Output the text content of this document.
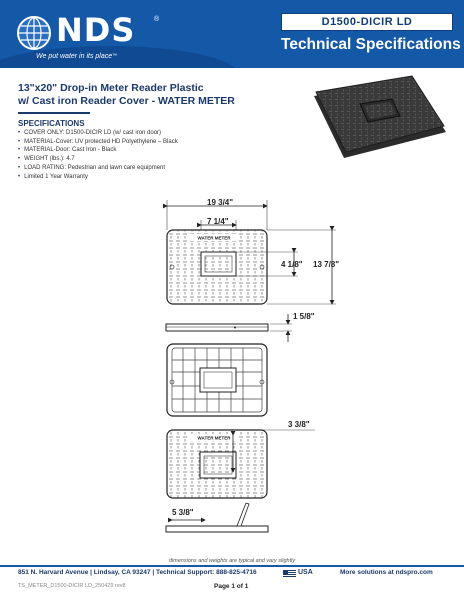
NDS	®
We put water in its place™
D1500-DICIR LD
Technical Specifications
13"x20" Drop-in Meter Reader Plastic
w/ Cast iron Reader Cover - WATER METER
SPECIFICATIONS
• COVER ONLY: D1500-DICIR LD (w/ cast iron door)
• MATERIAL-Cover: UV protected HD Polyethylene – Black
• MATERIAL-Door: Cast Iron - Black
• WEIGHT (lbs.): 4.7
• LOAD RATING: Pedestrian and lawn care equipment
• Limited 1 Year Warranty
WATER METER
WATER METER
19 3/4"
7 1/4"
4 1/8" 13 7/8"
1 5/8"
3 3/8"
5 3/8"
dimensions and weights are typical and vary slightly
851 N. Harvard Avenue | Lindsay, CA 93247 | Technical Support: 888-825-4716	USA	More solutions at ndspro.com
TS_METER_D1500-DICIR LD_250429 rev8	Page 1 of 1
